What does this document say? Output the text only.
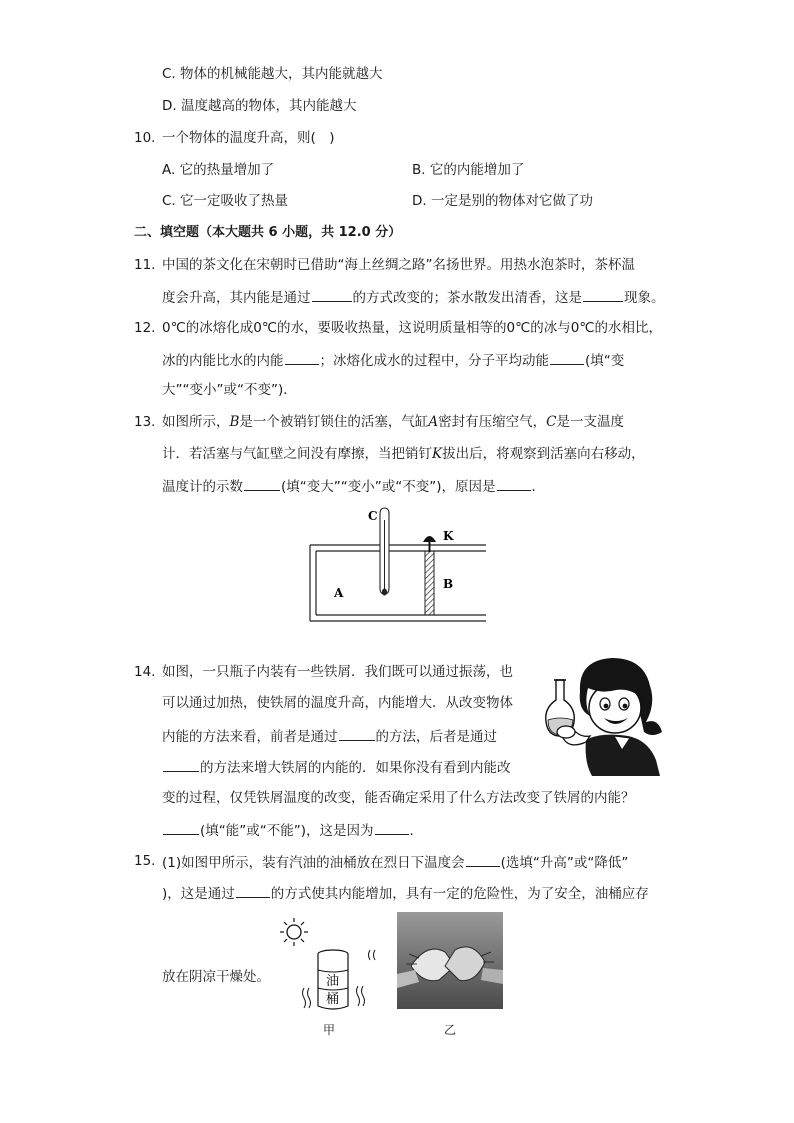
C. 物体的机械能越大，其内能就越大
D. 温度越高的物体，其内能越大
10. 一个物体的温度升高，则(　)
A. 它的热量增加了	B. 它的内能增加了
C. 它一定吸收了热量	D. 一定是别的物体对它做了功
二、填空题（本大题共 6 小题，共 12.0 分）
11. 中国的茶文化在宋朝时已借助“海上丝绸之路”名扬世界。用热水泡茶时，茶杯温
度会升高，其内能是通过	的方式改变的；茶水散发出清香，这是	现象。
12. 0℃的冰熔化成0℃的水，要吸收热量，这说明质量相等的0℃的冰与0℃的水相比，
冰的内能比水的内能	；冰熔化成水的过程中，分子平均动能	(填“变
大”“变小”或“不变”)．
13. 如图所示，B是一个被销钉锁住的活塞，气缸A密封有压缩空气，C是一支温度
计．若活塞与气缸壁之间没有摩擦，当把销钉K拔出后，将观察到活塞向右移动，
温度计的示数	(填“变大”“变小”或“不变”)，原因是	．
C
K
B
A
14. 如图，一只瓶子内装有一些铁屑．我们既可以通过振荡，也
可以通过加热，使铁屑的温度升高，内能增大．从改变物体
内能的方法来看，前者是通过	的方法，后者是通过
的方法来增大铁屑的内能的．如果你没有看到内能改
变的过程，仅凭铁屑温度的改变，能否确定采用了什么方法改变了铁屑的内能？
(填“能”或“不能”)，这是因为	．
15. (1)如图甲所示，装有汽油的油桶放在烈日下温度会	(选填“升高”或“降低”
)，这是通过	的方式使其内能增加，具有一定的危险性，为了安全，油桶应存
放在阴凉干燥处。	油
桶
甲	乙
